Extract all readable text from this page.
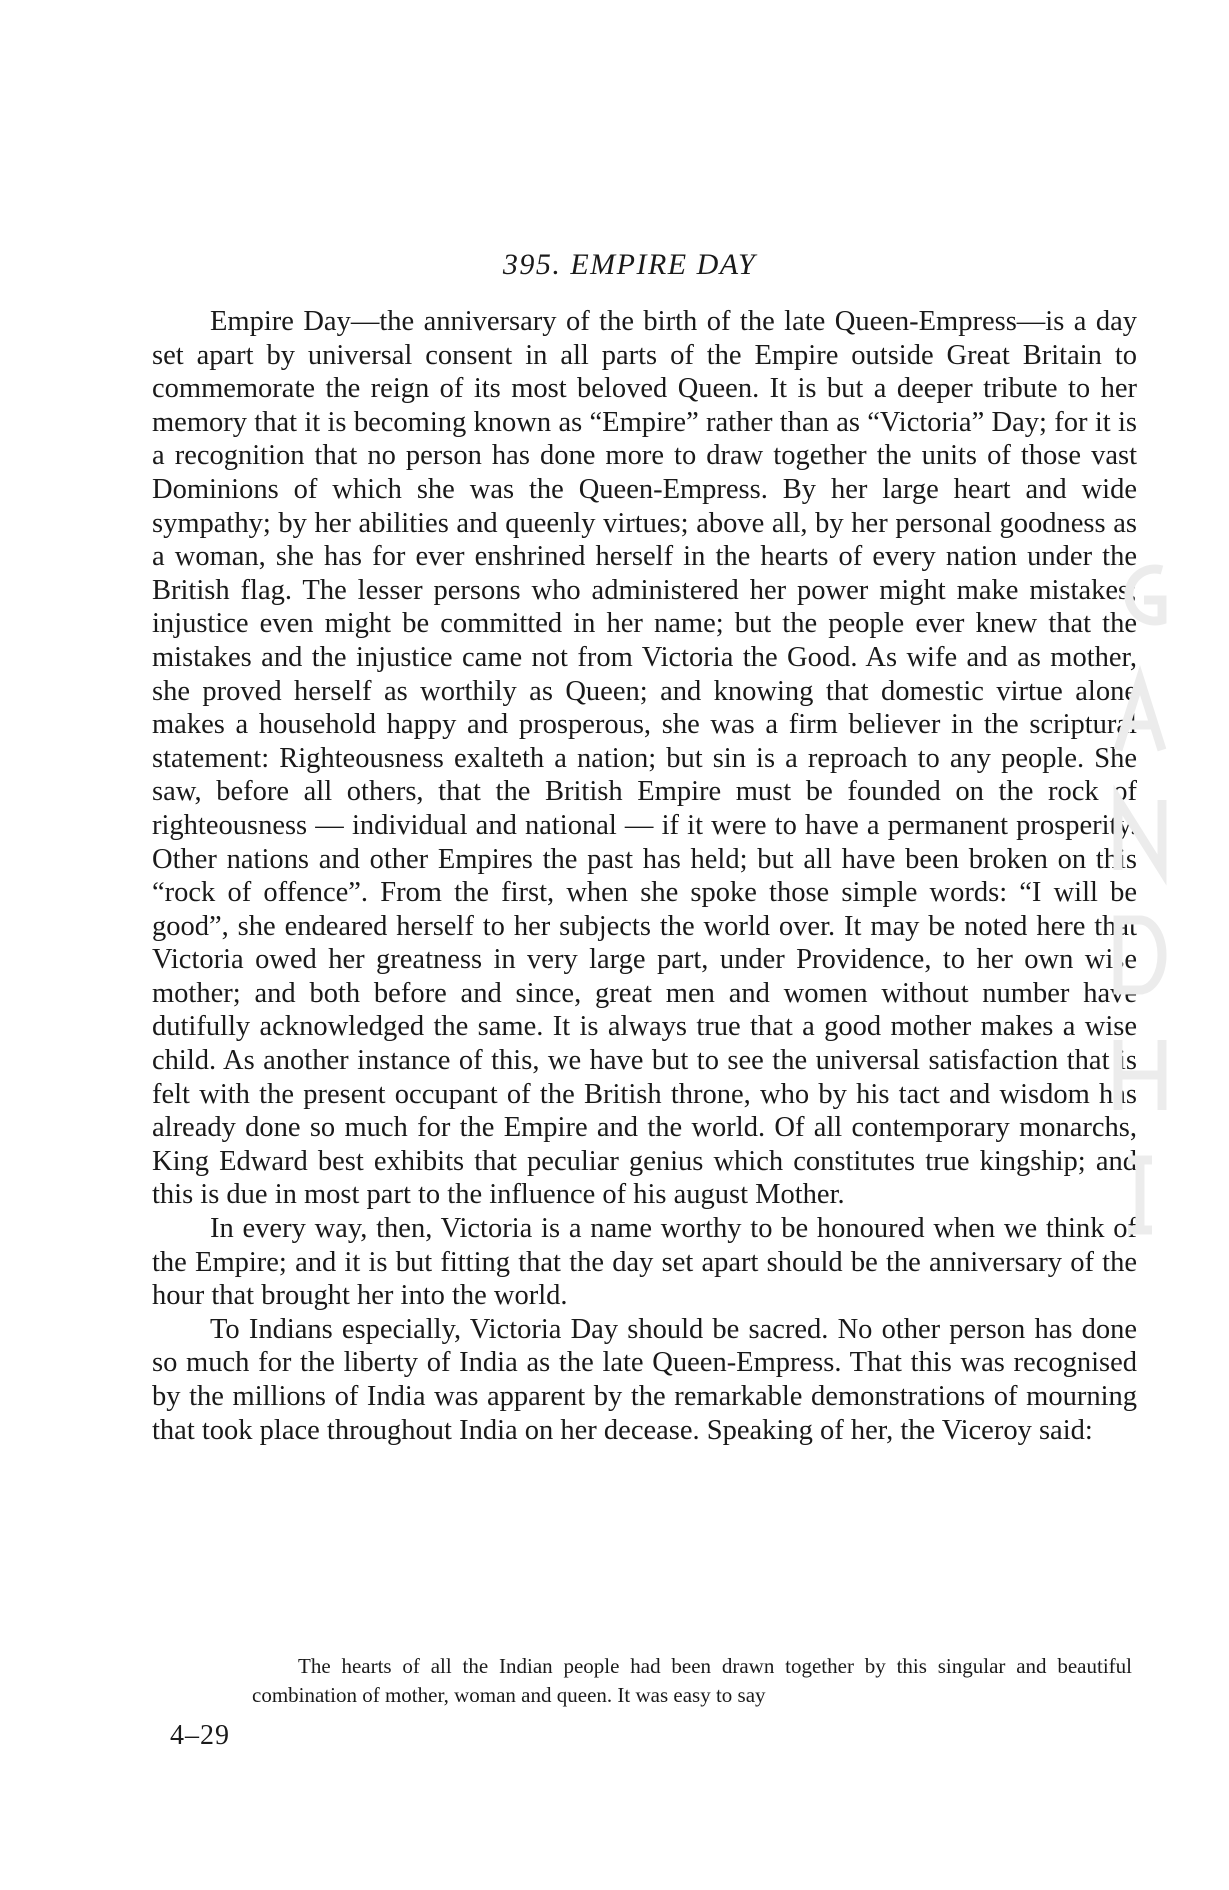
395. EMPIRE DAY

Empire Day—the anniversary of the birth of the late Queen-Empress—is a day set apart by universal consent in all parts of the Empire outside Great Britain to commemorate the reign of its most beloved Queen. It is but a deeper tribute to her memory that it is becoming known as “Empire” rather than as “Victoria” Day; for it is a recognition that no person has done more to draw together the units of those vast Dominions of which she was the Queen-Empress. By her large heart and wide sympathy; by her abilities and queenly virtues; above all, by her personal goodness as a woman, she has for ever enshrined herself in the hearts of every nation under the British flag. The lesser persons who administered her power might make mistakes; injustice even might be committed in her name; but the people ever knew that the mistakes and the injustice came not from Victoria the Good. As wife and as mother, she proved herself as worthily as Queen; and knowing that domestic virtue alone makes a household happy and prosperous, she was a firm believer in the scriptural statement: Righteousness exalteth a nation; but sin is a reproach to any people. She saw, before all others, that the British Empire must be founded on the rock of righteousness — individual and national — if it were to have a permanent prosperity. Other nations and other Empires the past has held; but all have been broken on this “rock of offence”. From the first, when she spoke those simple words: “I will be good”, she endeared herself to her subjects the world over. It may be noted here that Victoria owed her greatness in very large part, under Providence, to her own wise mother; and both before and since, great men and women without number have dutifully acknowledged the same. It is always true that a good mother makes a wise child. As another instance of this, we have but to see the universal satisfaction that is felt with the present occupant of the British throne, who by his tact and wisdom has already done so much for the Empire and the world. Of all contemporary monarchs, King Edward best exhibits that peculiar genius which constitutes true kingship; and this is due in most part to the influence of his august Mother.

In every way, then, Victoria is a name worthy to be honoured when we think of the Empire; and it is but fitting that the day set apart should be the anniversary of the hour that brought her into the world.

To Indians especially, Victoria Day should be sacred. No other person has done so much for the liberty of India as the late Queen-Empress. That this was recognised by the millions of India was apparent by the remarkable demonstrations of mourning that took place throughout India on her decease. Speaking of her, the Viceroy said:

The hearts of all the Indian people had been drawn together by this singular and beautiful combination of mother, woman and queen. It was easy to say
4–29
